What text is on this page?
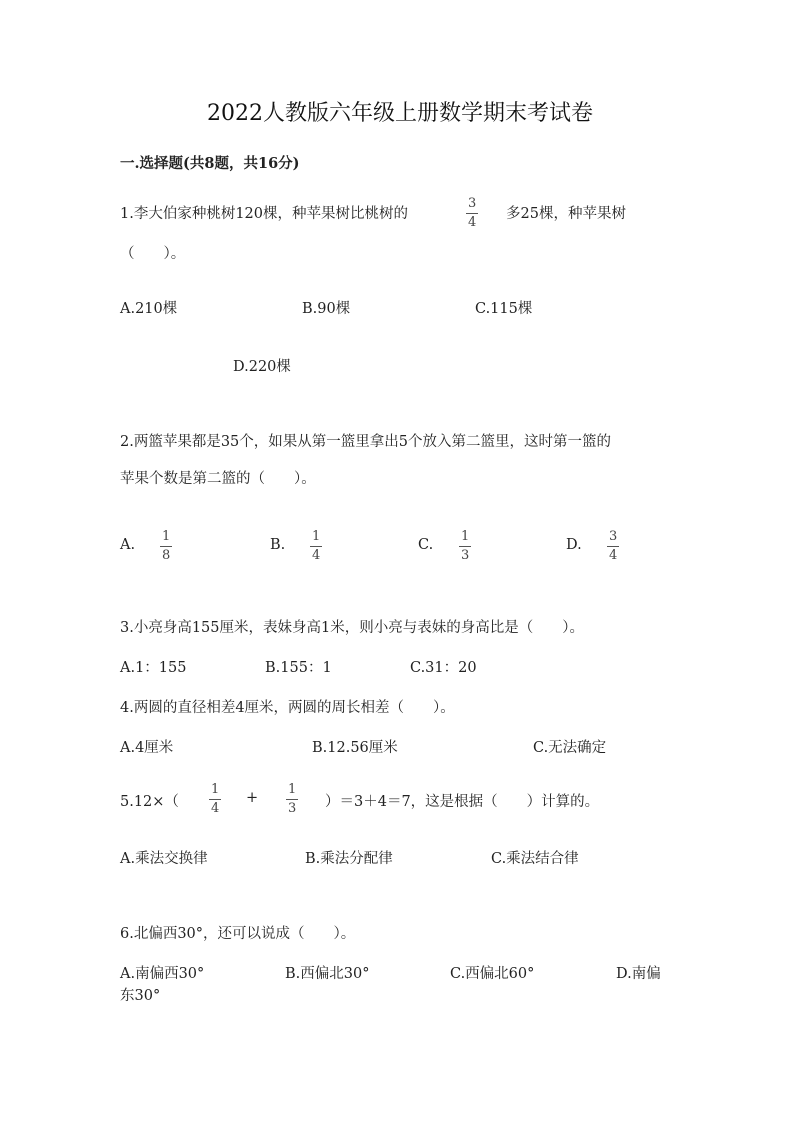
2022人教版六年级上册数学期末考试卷
一.选择题(共8题，共16分)
1.李大伯家种桃树120棵，种苹果树比桃树的	$\frac{3}{4}$ 多25棵，种苹果树
（　　）。
A.210棵	B.90棵	C.115棵
D.220棵
2.两篮苹果都是35个，如果从第一篮里拿出5个放入第二篮里，这时第一篮的
苹果个数是第二篮的（　　）。
A. $\frac{1}{8}$	B. $\frac{1}{4}$	C. $\frac{1}{3}$	D. $\frac{3}{4}$
3.小亮身高155厘米，表妹身高1米，则小亮与表妹的身高比是（　　）。
A.1：155	B.155：1	C.31：20
4.两圆的直径相差4厘米，两圆的周长相差（　　）。
A.4厘米	B.12.56厘米	C.无法确定
$5.12\times( \frac{1}{4} + \frac{1}{3} )=3+4=7$，这是根据（　　）计算的。
A.乘法交换律	B.乘法分配律	C.乘法结合律
6.北偏西30°，还可以说成（　　）。
A.南偏西30°	B.西偏北30°	C.西偏北60°	D.南偏
东30°
